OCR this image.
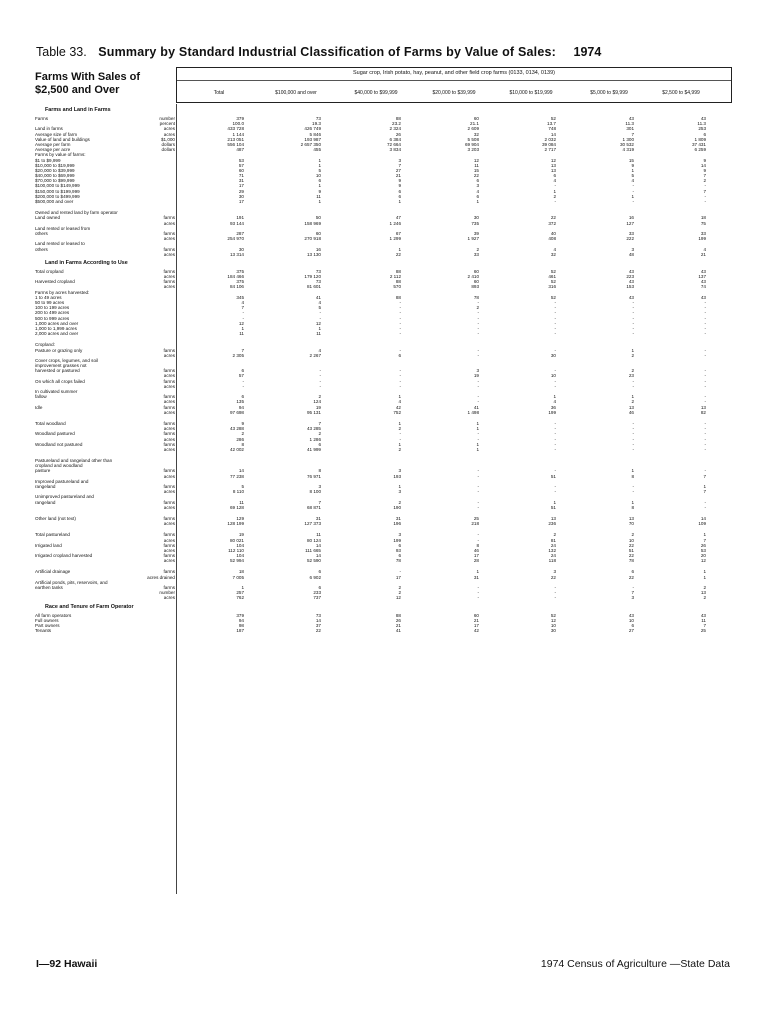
Table 33. Summary by Standard Industrial Classification of Farms by Value of Sales: 1974
Farms With Sales of
$2,500 and Over
Sugar crop, Irish potato, hay, peanut, and other field crop farms (0133, 0134, 0139)
Total	$100,000 and over	$40,000 to $99,999	$20,000 to $39,999	$10,000 to $19,999	$5,000 to $9,999	$2,500 to $4,999
Farms and Land in Farms
Farms	number	379	73	88	60	52	43	43
percent	100.0	19.3	23.2	21.1	13.7	11.3	11.3
Land in farms	acres	433 728	426 749	2 324	2 609	748	301	253
Average size of farm	acres	1 144	5 846	26	32	14	7	6
Value of land and buildings	$1,000	213 051	193 987	6 384	5 508	2 032	1 300	1 809
Average per farm	dollars	556 104	2 657 350	72 664	69 904	39 084	30 532	37 431
Average per acre	dollars	487	455	3 834	3 203	2 717	4 319	6 259
Farms by value of farms:
$1 to $9,999	53	1	3	12	12	15	9
$10,000 to $19,999	57	1	7	11	13	9	14
$20,000 to $39,999	60	5	27	15	13	1	9
$40,000 to $69,999	71	10	21	22	6	5	7
$70,000 to $99,999	31	6	9	6	4	4	2
$100,000 to $149,999	17	1	9	3	-	-	-
$150,000 to $199,999	29	9	6	4	1	-	7
$200,000 to $499,999	30	11	6	6	2	1	-
$500,000 and over	17	1	1	1	-	-	-
Owned and rented land by farm operator
Land owned	farms	191	50	47	30	22	16	18
acres	93 144	158 969	1 246	735	372	127	75
Land rented or leased from
others	farms	287	60	67	39	40	33	33
acres	254 970	270 918	1 299	1 927	408	222	199
Land rented or leased to
others	farms	30	16	1	2	4	3	4
acres	13 314	13 130	22	33	32	48	21
Land in Farms According to Use
Total cropland	farms	375	73	88	60	52	43	43
acres	184 466	179 120	2 112	2 410	461	223	137
Harvested cropland	farms	375	73	88	60	52	43	43
acres	84 106	81 601	570	893	316	153	74
Farms by acres harvested:
1 to 49 acres	345	41	88	78	52	43	43
50 to 99 acres	4	4	-	-	-	-	-
100 to 199 acres	7	5	-	2	-	-	-
200 to 499 acres	-	-	-	-	-	-	-
500 to 999 acres	-	-	-	-	-	-	-
1,000 acres and over	12	12	-	-	-	-	-
1,000 to 1,999 acres	1	1	-	-	-	-	-
2,000 acres and over	11	11	-	-	-	-	-
Cropland:
Pasture or grazing only	farms	7	4	-	-	-	1	-
acres	2 305	2 267	6	-	30	2	-
Cover crops, legumes, and soil
improvement grasses not
harvested or pastured	farms	6	-	-	3	-	2	-
acres	57	-	-	19	10	23	-
On which all crops failed	farms	-	-	-	-	-	-	-
acres	-	-	-	-	-	-	-
In cultivated summer
fallow	farms	6	2	1	-	1	1	-
acres	135	124	4	-	4	2	-
Idle	farms	94	19	42	41	36	13	13
acres	97 698	95 131	752	1 498	199	46	82
Total woodland	farms	9	7	1	1	-	-	-
acres	43 288	43 285	2	1	-	-	-
Woodland pastured	farms	2	2	-	-	-	-	-
acres	286	1 286	-	-	-	-	-
Woodland not pastured	farms	8	6	1	1	-	-	-
acres	42 002	41 999	2	1	-	-	-
Pastureland and rangeland other than
cropland and woodland
pasture	farms	14	8	3	-	-	1	-
acres	77 238	76 971	193	-	51	8	7
Improved pastureland and
rangeland	farms	5	3	1	-	-	-	1
acres	8 110	8 100	3	-	-	-	7
Unimproved pastureland and
rangeland	farms	11	7	2	-	1	1	-
acres	69 128	68 871	190	-	51	8	-
Other land (not text)	farms	129	31	31	25	13	13	14
acres	128 199	127 373	196	218	236	70	109
Total pastureland	farms	19	11	3	-	2	2	1
acres	80 021	80 124	199	-	81	10	7
Irrigated land	farms	104	14	6	8	24	22	26
acres	112 110	111 665	93	46	132	51	53
Irrigated cropland harvested	farms	104	14	6	17	24	22	20
acres	52 994	52 590	78	28	118	78	12
Artificial drainage	farms	18	6	-	1	3	6	1
acres drained	7 005	6 902	17	31	22	22	1
Artificial ponds, pits, reservoirs, and
earthen tanks	farms	1	6	2	-	-	-	2
number	257	233	2	-	-	7	13
acres	762	737	12	-	-	3	2
Race and Tenure of Farm Operator
All farm operators	379	73	88	60	52	43	43
Full owners	94	14	26	21	12	10	11
Part owners	98	37	21	17	10	6	7
Tenants	187	22	41	42	30	27	25
I—92 Hawaii	1974 Census of Agriculture —State Data
